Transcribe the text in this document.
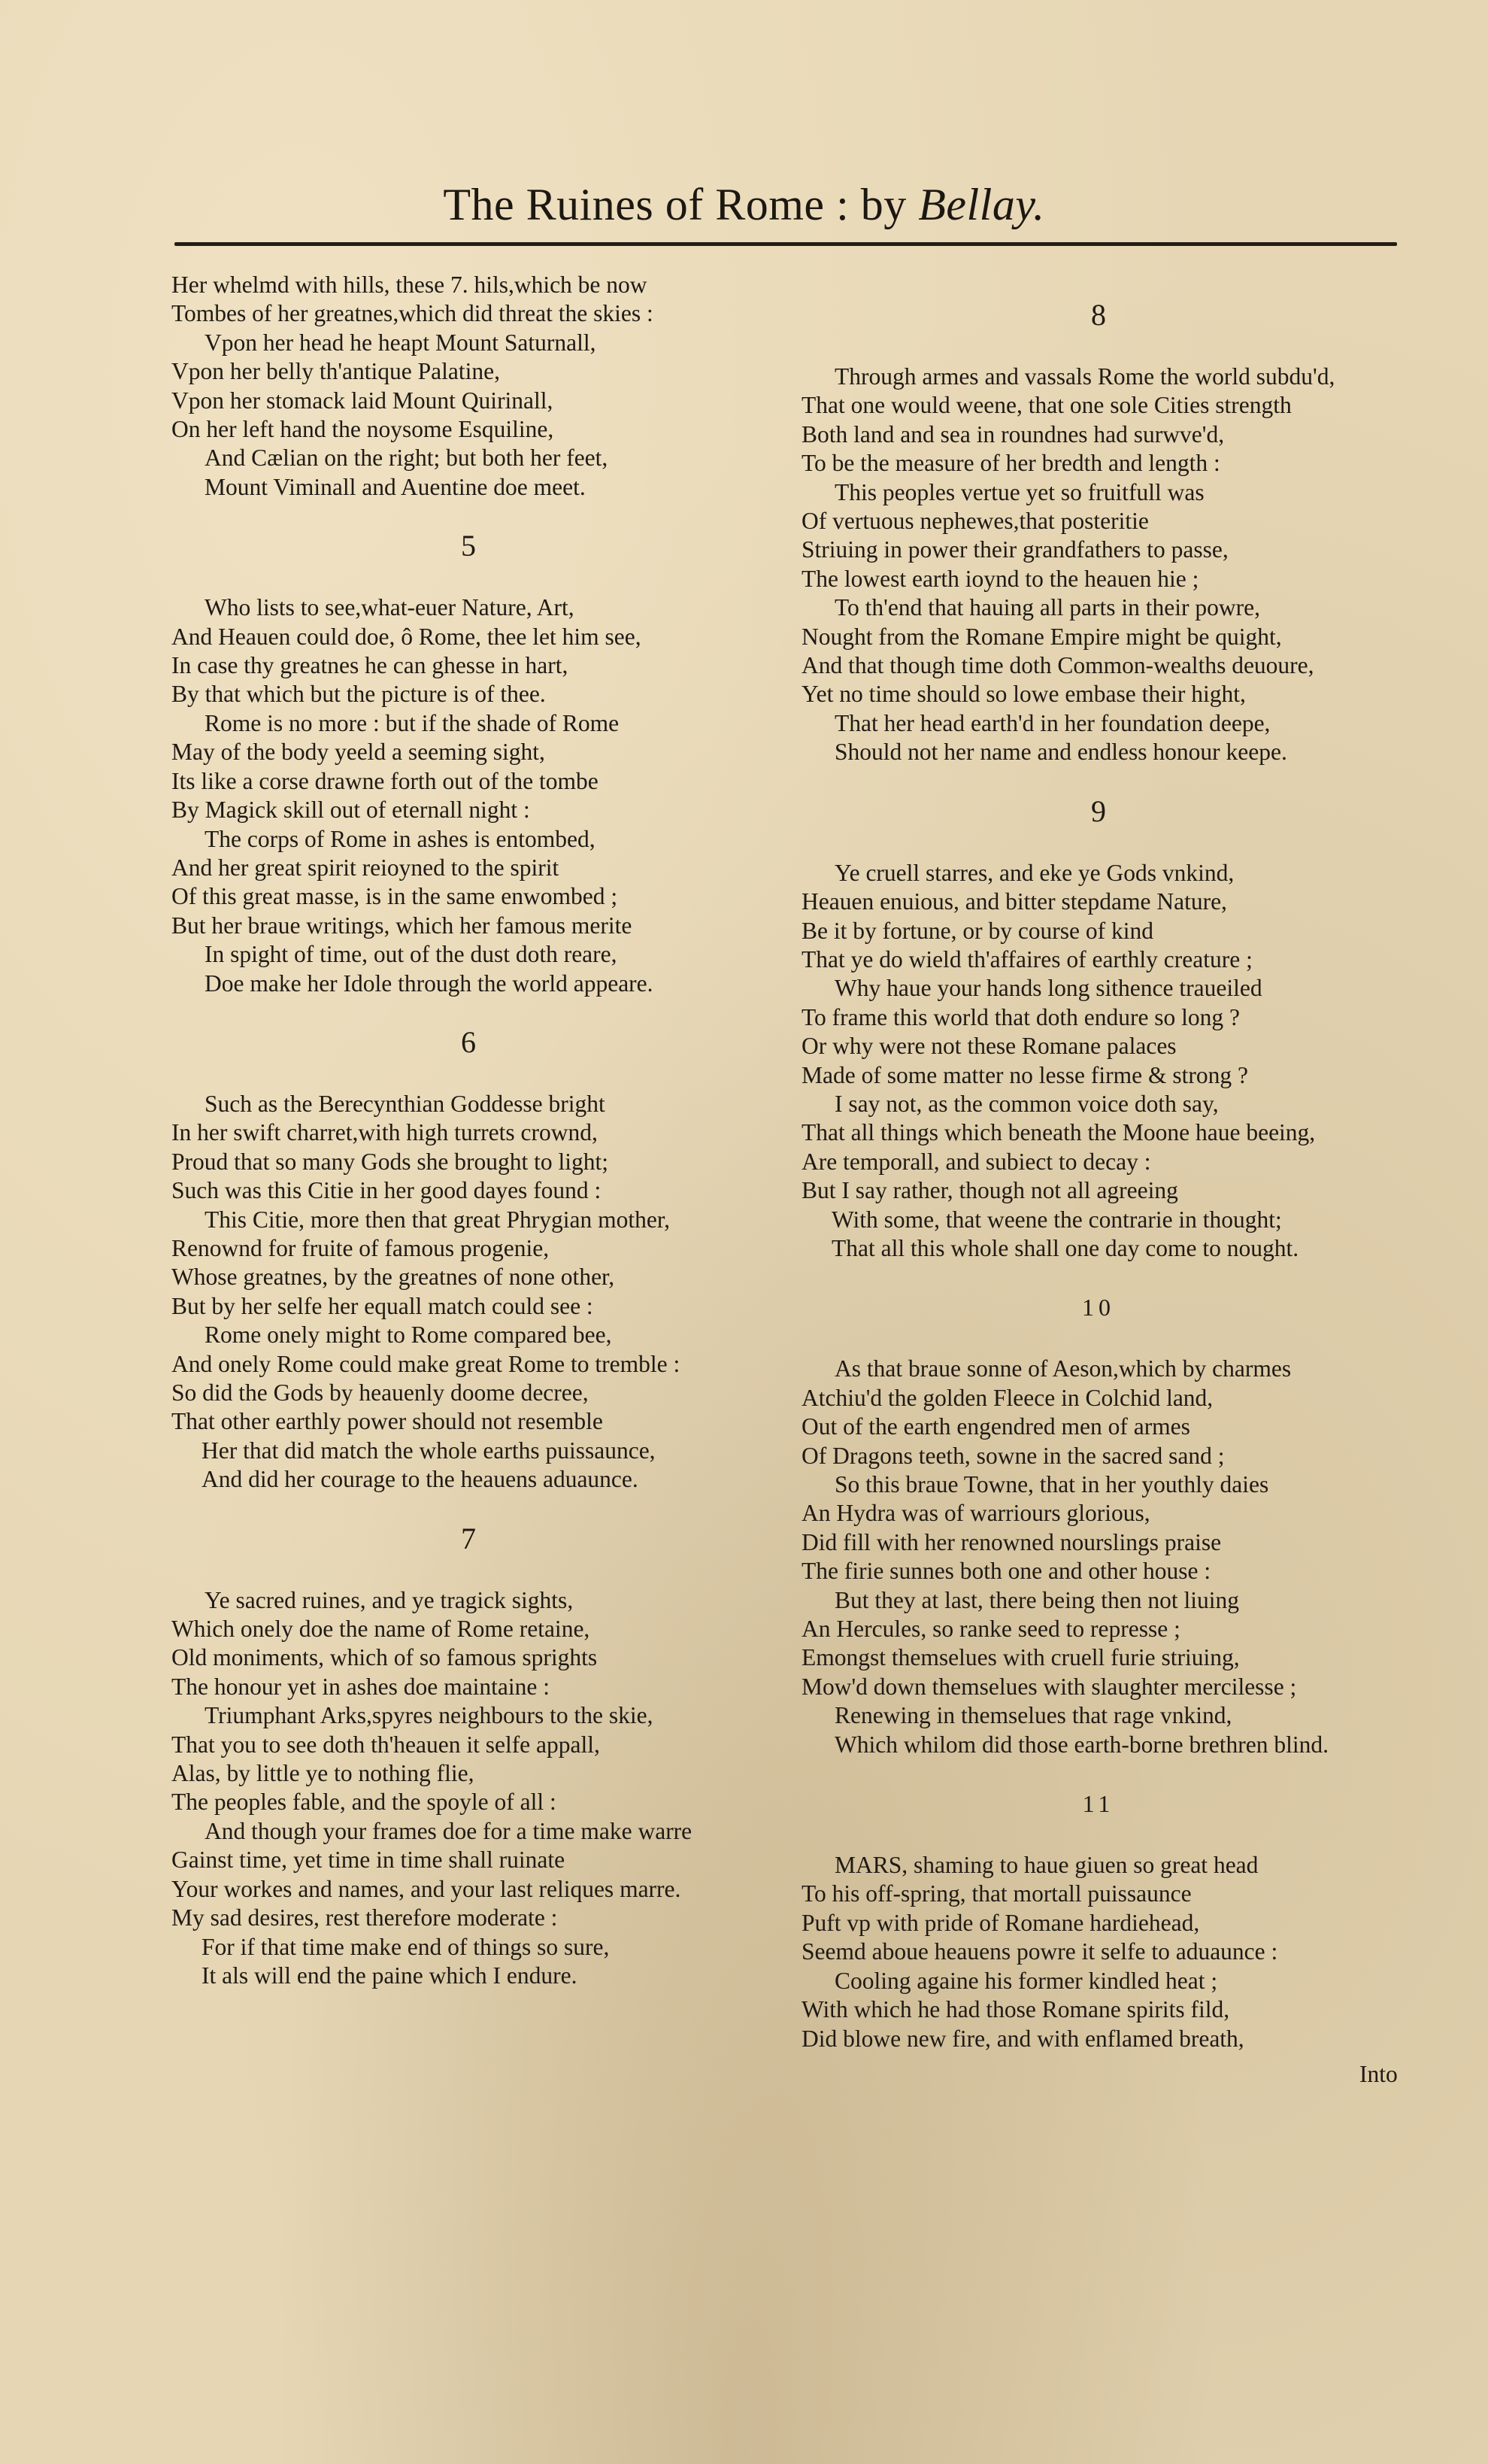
The Ruines of Rome : by Bellay.

Her whelmd with hills, these 7. hils,which be now

Tombes of her greatnes,which did threat the skies :

Vpon her head he heapt Mount Saturnall,

Vpon her belly th'antique Palatine,

Vpon her stomack laid Mount Quirinall,

On her left hand the noysome Esquiline,

And Cælian on the right; but both her feet,

Mount Viminall and Auentine doe meet.

5

Who lists to see,what-euer Nature, Art,

And Heauen could doe, ô Rome, thee let him see,

In case thy greatnes he can ghesse in hart,

By that which but the picture is of thee.

Rome is no more : but if the shade of Rome

May of the body yeeld a seeming sight,

Its like a corse drawne forth out of the tombe

By Magick skill out of eternall night :

The corps of Rome in ashes is entombed,

And her great spirit reioyned to the spirit

Of this great masse, is in the same enwombed ;

But her braue writings, which her famous merite

In spight of time, out of the dust doth reare,

Doe make her Idole through the world appeare.

6

Such as the Berecynthian Goddesse bright

In her swift charret,with high turrets crownd,

Proud that so many Gods she brought to light;

Such was this Citie in her good dayes found :

This Citie, more then that great Phrygian mother,

Renownd for fruite of famous progenie,

Whose greatnes, by the greatnes of none other,

But by her selfe her equall match could see :

Rome onely might to Rome compared bee,

And onely Rome could make great Rome to tremble :

So did the Gods by heauenly doome decree,

That other earthly power should not resemble

Her that did match the whole earths puissaunce,

And did her courage to the heauens aduaunce.

7

Ye sacred ruines, and ye tragick sights,

Which onely doe the name of Rome retaine,

Old moniments, which of so famous sprights

The honour yet in ashes doe maintaine :

Triumphant Arks,spyres neighbours to the skie,

That you to see doth th'heauen it selfe appall,

Alas, by little ye to nothing flie,

The peoples fable, and the spoyle of all :

And though your frames doe for a time make warre

Gainst time, yet time in time shall ruinate

Your workes and names, and your last reliques marre.

My sad desires, rest therefore moderate :

For if that time make end of things so sure,

It als will end the paine which I endure.

8

Through armes and vassals Rome the world subdu'd,

That one would weene, that one sole Cities strength

Both land and sea in roundnes had surwve'd,

To be the measure of her bredth and length :

This peoples vertue yet so fruitfull was

Of vertuous nephewes,that posteritie

Striuing in power their grandfathers to passe,

The lowest earth ioynd to the heauen hie ;

To th'end that hauing all parts in their powre,

Nought from the Romane Empire might be quight,

And that though time doth Common-wealths deuoure,

Yet no time should so lowe embase their hight,

That her head earth'd in her foundation deepe,

Should not her name and endless honour keepe.

9

Ye cruell starres, and eke ye Gods vnkind,

Heauen enuious, and bitter stepdame Nature,

Be it by fortune, or by course of kind

That ye do wield th'affaires of earthly creature ;

Why haue your hands long sithence traueiled

To frame this world that doth endure so long ?

Or why were not these Romane palaces

Made of some matter no lesse firme & strong ?

I say not, as the common voice doth say,

That all things which beneath the Moone haue beeing,

Are temporall, and subiect to decay :

But I say rather, though not all agreeing

With some, that weene the contrarie in thought;

That all this whole shall one day come to nought.

10

As that braue sonne of Aeson,which by charmes

Atchiu'd the golden Fleece in Colchid land,

Out of the earth engendred men of armes

Of Dragons teeth, sowne in the sacred sand ;

So this braue Towne, that in her youthly daies

An Hydra was of warriours glorious,

Did fill with her renowned nourslings praise

The firie sunnes both one and other house :

But they at last, there being then not liuing

An Hercules, so ranke seed to represse ;

Emongst themselues with cruell furie striuing,

Mow'd down themselues with slaughter mercilesse ;

Renewing in themselues that rage vnkind,

Which whilom did those earth-borne brethren blind.

11

MARS, shaming to haue giuen so great head

To his off-spring, that mortall puissaunce

Puft vp with pride of Romane hardiehead,

Seemd aboue heauens powre it selfe to aduaunce :

Cooling againe his former kindled heat ;

With which he had those Romane spirits fild,

Did blowe new fire, and with enflamed breath,

Into
